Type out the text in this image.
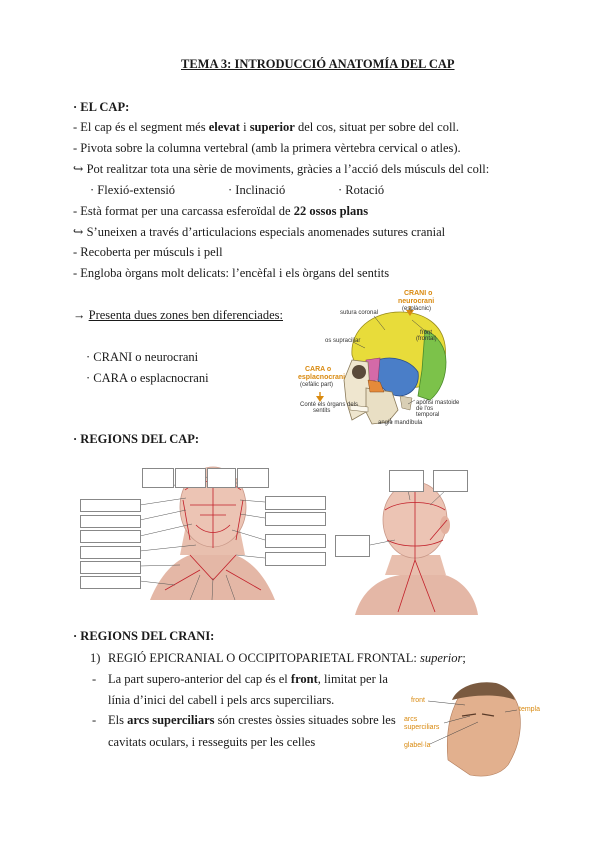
TEMA 3: INTRODUCCIÓ ANATOMÍA DEL CAP
· EL CAP:
- El cap és el segment més elevat i superior del cos, situat per sobre del coll.
- Pivota sobre la columna vertebral (amb la primera vèrtebra cervical o atles).
↪ Pot realitzar tota una sèrie de moviments, gràcies a l’acció dels músculs del coll:
· Flexió-extensió	· Inclinació	· Rotació
- Està format per una carcassa esferoïdal de 22 ossos plans
↪ S’uneixen a través d’articulacions especials anomenades sutures cranial
- Recoberta per músculs i pell
- Engloba òrgans molt delicats: l’encèfal i els òrgans del sentits
→ Presenta dues zones ben diferenciades:
· CRANI o neurocrani
· CARA o esplacnocrani
CRANI o
neurocrani
(esplàcnic)
sutura coronal
os supraciliar
front
(frontal)
CARA o
esplacnocrani
(cefàlic part)
Conté els òrgans dels
sentits
apòfisi mastoide
de l'os
temporal
angle mandíbula
· REGIONS DEL CAP:
· REGIONS DEL CRANI:
1) REGIÓ EPICRANIAL O OCCIPITOPARIETAL FRONTAL: superior;
- La part supero-anterior del cap és el front, limitat per la
línia d’inici del cabell i pels arcs superciliars.
- Els arcs superciliars són crestes òssies situades sobre les
cavitats oculars, i resseguits per les celles
front
arcs
superciliars
glabel·la
templa
